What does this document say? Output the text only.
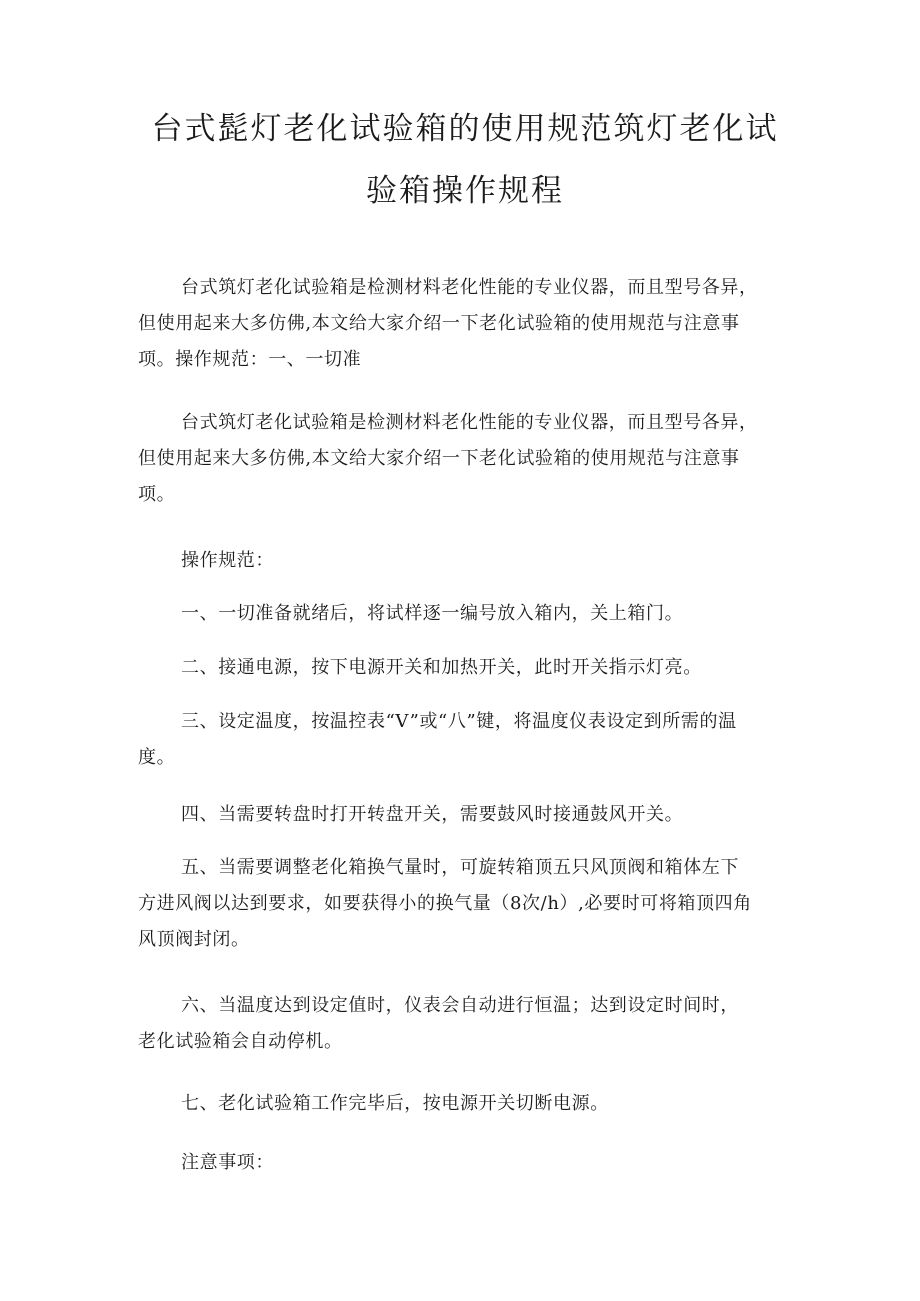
台式髭灯老化试验箱的使用规范筑灯老化试
验箱操作规程
台式筑灯老化试验箱是检测材料老化性能的专业仪器，而且型号各异，
但使用起来大多仿佛,本文给大家介绍一下老化试验箱的使用规范与注意事
项。操作规范：一、一切准
台式筑灯老化试验箱是检测材料老化性能的专业仪器，而且型号各异，
但使用起来大多仿佛,本文给大家介绍一下老化试验箱的使用规范与注意事
项。
操作规范：
一、一切准备就绪后，将试样逐一编号放入箱内，关上箱门。
二、接通电源，按下电源开关和加热开关，此时开关指示灯亮。
三、设定温度，按温控表“V”或“八”键，将温度仪表设定到所需的温
度。
四、当需要转盘时打开转盘开关，需要鼓风时接通鼓风开关。
五、当需要调整老化箱换气量时，可旋转箱顶五只风顶阀和箱体左下
方进风阀以达到要求，如要获得小的换气量（8次/h）,必要时可将箱顶四角
风顶阀封闭。
六、当温度达到设定值时，仪表会自动进行恒温；达到设定时间时，
老化试验箱会自动停机。
七、老化试验箱工作完毕后，按电源开关切断电源。
注意事项：
